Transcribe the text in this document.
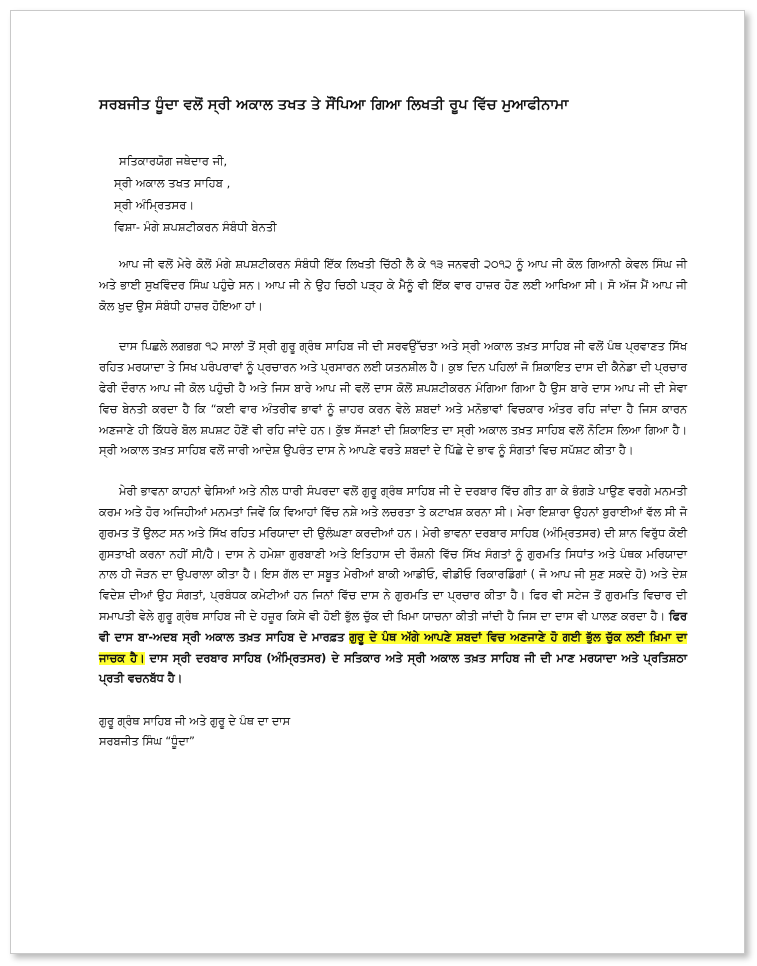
ਸਰਬਜੀਤ ਧੂੰਦਾ ਵਲੋਂ ਸ੍ਰੀ ਅਕਾਲ ਤਖਤ ਤੇ ਸੌਂਪਿਆ ਗਿਆ ਲਿਖਤੀ ਰੂਪ ਵਿੱਚ ਮੁਆਫੀਨਾਮਾ
ਸਤਿਕਾਰਯੋਗ ਜਥੇਦਾਰ ਜੀ,
ਸ੍ਰੀ ਅਕਾਲ ਤਖਤ ਸਾਹਿਬ ,
ਸ੍ਰੀ ਅੰਮ੍ਰਿਤਸਰ।
ਵਿਸ਼ਾ- ਮੰਗੇ ਸ਼ਪਸ਼ਟੀਕਰਨ ਸੰਬੰਧੀ ਬੇਨਤੀ

ਆਪ ਜੀ ਵਲੋਂ ਮੇਰੇ ਕੋਲੋਂ ਮੰਗੇ ਸ਼ਪਸ਼ਟੀਕਰਨ ਸੰਬੰਧੀ ਇੱਕ ਲਿਖਤੀ ਚਿੱਠੀ ਲੈ ਕੇ ੧੩ ਜਨਵਰੀ ੨੦੧੨ ਨੂੰ ਆਪ ਜੀ ਕੋਲ ਗਿਆਨੀ ਕੇਵਲ ਸਿੰਘ ਜੀ ਅਤੇ ਭਾਈ ਸੁਖਵਿੰਦਰ ਸਿੰਘ ਪਹੁੰਚੇ ਸਨ। ਆਪ ਜੀ ਨੇ ਉਹ ਚਿਠੀ ਪੜ੍ਹ ਕੇ ਮੈਨੂੰ ਵੀ ਇੱਕ ਵਾਰ ਹਾਜ਼ਰ ਹੋਣ ਲਈ ਆਖਿਆ ਸੀ। ਸੋ ਅੱਜ ਮੈਂ ਆਪ ਜੀ ਕੋਲ ਖੁਦ ਉਸ ਸੰਬੰਧੀ ਹਾਜ਼ਰ ਹੋਇਆ ਹਾਂ।

ਦਾਸ ਪਿਛਲੇ ਲਗਭਗ ੧੨ ਸਾਲਾਂ ਤੋਂ ਸ੍ਰੀ ਗੁਰੂ ਗ੍ਰੰਥ ਸਾਹਿਬ ਜੀ ਦੀ ਸਰਵਉੱਚਤਾ ਅਤੇ ਸ੍ਰੀ ਅਕਾਲ ਤਖ਼ਤ ਸਾਹਿਬ ਜੀ ਵਲੋਂ ਪੰਥ ਪ੍ਰਵਾਣਤ ਸਿੱਖ ਰਹਿਤ ਮਰਯਾਦਾ ਤੇ ਸਿਖ ਪਰੰਪਰਾਵਾਂ ਨੂੰ ਪ੍ਰਚਾਰਨ ਅਤੇ ਪ੍ਰਸਾਰਨ ਲਈ ਯਤਨਸ਼ੀਲ ਹੈ। ਕੁਝ ਦਿਨ ਪਹਿਲਾਂ ਜੋ ਸ਼ਿਕਾਇਤ ਦਾਸ ਦੀ ਕੈਨੇਡਾ ਦੀ ਪ੍ਰਚਾਰ ਫੇਰੀ ਦੌਰਾਨ ਆਪ ਜੀ ਕੋਲ ਪਹੁੰਚੀ ਹੈ ਅਤੇ ਜਿਸ ਬਾਰੇ ਆਪ ਜੀ ਵਲੋਂ ਦਾਸ ਕੋਲੋਂ ਸ਼ਪਸ਼ਟੀਕਰਨ ਮੰਗਿਆ ਗਿਆ ਹੈ ਉਸ ਬਾਰੇ ਦਾਸ ਆਪ ਜੀ ਦੀ ਸੇਵਾ ਵਿਚ ਬੇਨਤੀ ਕਰਦਾ ਹੈ ਕਿ “ਕਈ ਵਾਰ ਅੰਤਰੀਵ ਭਾਵਾਂ ਨੂੰ ਜ਼ਾਹਰ ਕਰਨ ਵੇਲੇ ਸ਼ਬਦਾਂ ਅਤੇ ਮਨੋਭਾਵਾਂ ਵਿਚਕਾਰ ਅੰਤਰ ਰਹਿ ਜਾਂਦਾ ਹੈ ਜਿਸ ਕਾਰਨ ਅਣਜਾਣੇ ਹੀ ਕਿੱਧਰੇ ਬੋਲ ਸ਼ਪਸ਼ਟ ਹੋਣੋਂ ਵੀ ਰਹਿ ਜਾਂਦੇ ਹਨ। ਕੁੱਝ ਸੱਜਣਾਂ ਦੀ ਸ਼ਿਕਾਇਤ ਦਾ ਸ੍ਰੀ ਅਕਾਲ ਤਖ਼ਤ ਸਾਹਿਬ ਵਲੋਂ ਨੋਟਿਸ ਲਿਆ ਗਿਆ ਹੈ। ਸ੍ਰੀ ਅਕਾਲ ਤਖ਼ਤ ਸਾਹਿਬ ਵਲੋਂ ਜਾਰੀ ਆਦੇਸ਼ ਉਪਰੰਤ ਦਾਸ ਨੇ ਆਪਣੇ ਵਰਤੇ ਸ਼ਬਦਾਂ ਦੇ ਪਿੱਛੇ ਦੇ ਭਾਵ ਨੂੰ ਸੰਗਤਾਂ ਵਿਚ ਸਪੱਸ਼ਟ ਕੀਤਾ ਹੈ।

ਮੇਰੀ ਭਾਵਨਾ ਕਾਹਨਾਂ ਢੇਸਿਆਂ ਅਤੇ ਨੀਲ ਧਾਰੀ ਸੰਪਰਦਾ ਵਲੋਂ ਗੁਰੂ ਗ੍ਰੰਥ ਸਾਹਿਬ ਜੀ ਦੇ ਦਰਬਾਰ ਵਿੱਚ ਗੀਤ ਗਾ ਕੇ ਭੰਗੜੇ ਪਾਉਣ ਵਰਗੇ ਮਨਮਤੀ ਕਰਮ ਅਤੇ ਹੋਰ ਅਜਿਹੀਆਂ ਮਨਮਤਾਂ ਜਿਵੇਂ ਕਿ ਵਿਆਹਾਂ ਵਿੱਚ ਨਸ਼ੇ ਅਤੇ ਲਚਰਤਾ ਤੇ ਕਟਾਖਸ਼ ਕਰਨਾ ਸੀ। ਮੇਰਾ ਇਸ਼ਾਰਾ ਉਹਨਾਂ ਬੁਰਾਈਆਂ ਵੱਲ ਸੀ ਜੋ ਗੁਰਮਤ ਤੋਂ ਉਲਟ ਸਨ ਅਤੇ ਸਿੱਖ ਰਹਿਤ ਮਰਿਯਾਦਾ ਦੀ ਉਲੰਘਣਾ ਕਰਦੀਆਂ ਹਨ। ਮੇਰੀ ਭਾਵਨਾ ਦਰਬਾਰ ਸਾਹਿਬ (ਅੰਮ੍ਰਿਤਸਰ) ਦੀ ਸ਼ਾਨ ਵਿਰੁੱਧ ਕੋਈ ਗੁਸਤਾਖੀ ਕਰਨਾ ਨਹੀਂ ਸੀ/ਹੈ। ਦਾਸ ਨੇ ਹਮੇਸ਼ਾ ਗੁਰਬਾਣੀ ਅਤੇ ਇਤਿਹਾਸ ਦੀ ਰੌਸ਼ਨੀ ਵਿੱਚ ਸਿੱਖ ਸੰਗਤਾਂ ਨੂੰ ਗੁਰਮਤਿ ਸਿਧਾਂਤ ਅਤੇ ਪੰਥਕ ਮਰਿਯਾਦਾ ਨਾਲ ਹੀ ਜੋੜਨ ਦਾ ਉਪਰਾਲਾ ਕੀਤਾ ਹੈ। ਇਸ ਗੱਲ ਦਾ ਸਬੂਤ ਮੇਰੀਆਂ ਬਾਕੀ ਆਡੀਓ, ਵੀਡੀਓ ਰਿਕਾਰਡਿੰਗਾਂ ( ਜੋ ਆਪ ਜੀ ਸੁਣ ਸਕਦੇ ਹੋ) ਅਤੇ ਦੇਸ਼ ਵਿਦੇਸ਼ ਦੀਆਂ ਉਹ ਸੰਗਤਾਂ, ਪ੍ਰਬੰਧਕ ਕਮੇਟੀਆਂ ਹਨ ਜਿਨਾਂ ਵਿੱਚ ਦਾਸ ਨੇ ਗੁਰਮਤਿ ਦਾ ਪ੍ਰਚਾਰ ਕੀਤਾ ਹੈ। ਫਿਰ ਵੀ ਸਟੇਜ ਤੋਂ ਗੁਰਮਤਿ ਵਿਚਾਰ ਦੀ ਸਮਾਪਤੀ ਵੇਲੇ ਗੁਰੂ ਗ੍ਰੰਥ ਸਾਹਿਬ ਜੀ ਦੇ ਹਜ਼ੂਰ ਕਿਸੇ ਵੀ ਹੋਈ ਭੁੱਲ ਚੁੱਕ ਦੀ ਖਿਮਾ ਯਾਚਨਾ ਕੀਤੀ ਜਾਂਦੀ ਹੈ ਜਿਸ ਦਾ ਦਾਸ ਵੀ ਪਾਲਣ ਕਰਦਾ ਹੈ। ਫਿਰ ਵੀ ਦਾਸ ਬਾ-ਅਦਬ ਸ੍ਰੀ ਅਕਾਲ ਤਖ਼ਤ ਸਾਹਿਬ ਦੇ ਮਾਰਫ਼ਤ ਗੁਰੂ ਦੇ ਪੰਥ ਅੱਗੇ ਆਪਣੇ ਸ਼ਬਦਾਂ ਵਿਚ ਅਣਜਾਣੇ ਹੋ ਗਈ ਭੁੱਲ ਚੁੱਕ ਲਈ ਖ਼ਿਮਾ ਦਾ ਜਾਚਕ ਹੈ। ਦਾਸ ਸ੍ਰੀ ਦਰਬਾਰ ਸਾਹਿਬ (ਅੰਮ੍ਰਿਤਸਰ) ਦੇ ਸਤਿਕਾਰ ਅਤੇ ਸ੍ਰੀ ਅਕਾਲ ਤਖ਼ਤ ਸਾਹਿਬ ਜੀ ਦੀ ਮਾਣ ਮਰਯਾਦਾ ਅਤੇ ਪ੍ਰਤਿਸ਼ਠਾ ਪ੍ਰਤੀ ਵਚਨਬੱਧ ਹੈ।

ਗੁਰੂ ਗ੍ਰੰਥ ਸਾਹਿਬ ਜੀ ਅਤੇ ਗੁਰੂ ਦੇ ਪੰਥ ਦਾ ਦਾਸ
ਸਰਬਜੀਤ ਸਿੰਘ “ਧੂੰਦਾ”
